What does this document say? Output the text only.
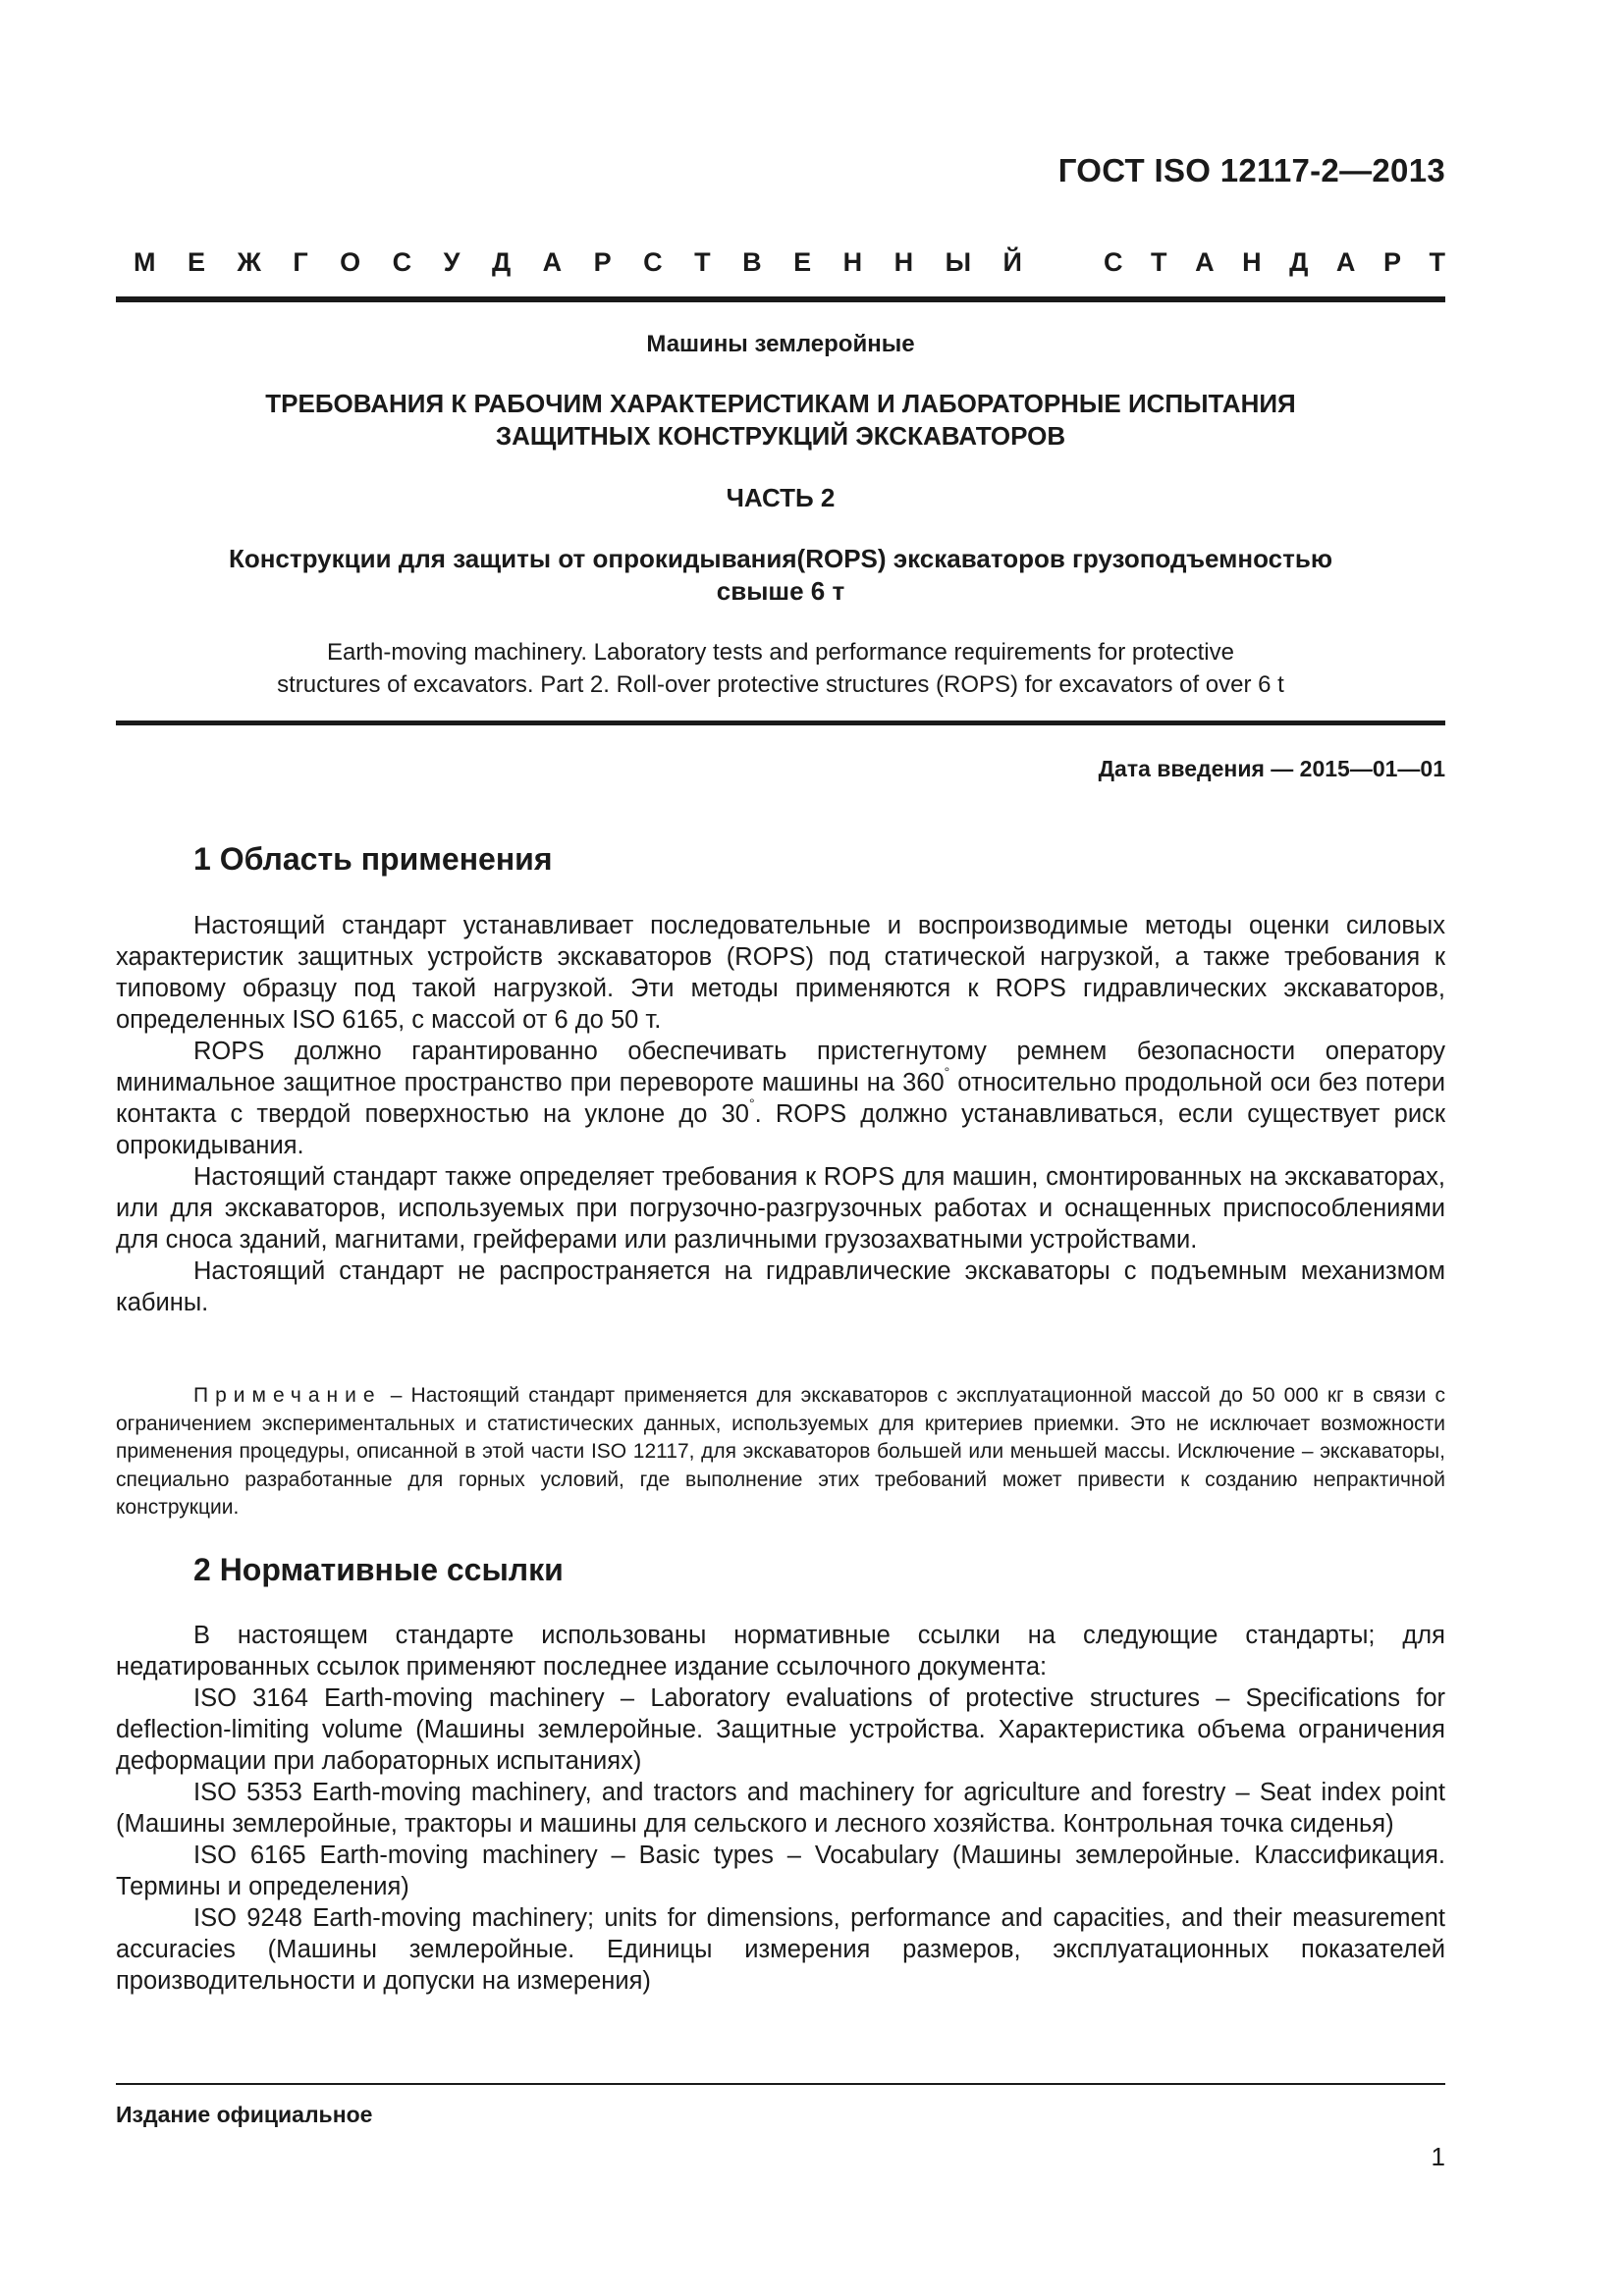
ГОСТ ISO 12117-2—2013

М Е Ж Г О С У Д А Р С Т В Е Н Н Ы Й	С Т А Н Д А Р Т

Машины землеройные

ТРЕБОВАНИЯ К РАБОЧИМ ХАРАКТЕРИСТИКАМ И ЛАБОРАТОРНЫЕ ИСПЫТАНИЯ
ЗАЩИТНЫХ КОНСТРУКЦИЙ ЭКСКАВАТОРОВ

ЧАСТЬ 2

Конструкции для защиты от опрокидывания(ROPS) экскаваторов грузоподъемностью
свыше 6 т
Earth-moving machinery. Laboratory tests and performance requirements for protective
structures of excavators. Part 2. Roll-over protective structures (ROPS) for excavators of over 6 t

Дата введения — 2015—01—01

1 Область применения

Настоящий стандарт устанавливает последовательные и воспроизводимые методы оценки силовых характеристик защитных устройств экскаваторов (ROPS) под статической нагрузкой, а также требования к типовому образцу под такой нагрузкой. Эти методы применяются к ROPS гидравлических экскаваторов, определенных ISO 6165, с массой от 6 до 50 т.

ROPS должно гарантированно обеспечивать пристегнутому ремнем безопасности оператору минимальное защитное пространство при перевороте машины на 360° относительно продольной оси без потери контакта с твердой поверхностью на уклоне до 30°. ROPS должно устанавливаться, если существует риск опрокидывания.

Настоящий стандарт также определяет требования к ROPS для машин, смонтированных на экскаваторах, или для экскаваторов, используемых при погрузочно-разгрузочных работах и оснащенных приспособлениями для сноса зданий, магнитами, грейферами или различными грузозахватными устройствами.

Настоящий стандарт не распространяется на гидравлические экскаваторы с подъемным механизмом кабины.

Примечание – Настоящий стандарт применяется для экскаваторов с эксплуатационной массой до 50 000 кг в связи с ограничением экспериментальных и статистических данных, используемых для критериев приемки. Это не исключает возможности применения процедуры, описанной в этой части ISO 12117, для экскаваторов большей или меньшей массы. Исключение – экскаваторы, специально разработанные для горных условий, где выполнение этих требований может привести к созданию непрактичной конструкции.

2 Нормативные ссылки

В настоящем стандарте использованы нормативные ссылки на следующие стандарты; для недатированных ссылок применяют последнее издание ссылочного документа:

ISO 3164 Earth-moving machinery – Laboratory evaluations of protective structures – Specifications for deflection-limiting volume (Машины землеройные. Защитные устройства. Характеристика объема ограничения деформации при лабораторных испытаниях)

ISO 5353 Earth-moving machinery, and tractors and machinery for agriculture and forestry – Seat index point (Машины землеройные, тракторы и машины для сельского и лесного хозяйства. Контрольная точка сиденья)

ISO 6165 Earth-moving machinery – Basic types – Vocabulary (Машины землеройные. Классификация. Термины и определения)

ISO 9248 Earth-moving machinery; units for dimensions, performance and capacities, and their measurement accuracies (Машины землеройные. Единицы измерения размеров, эксплуатационных показателей производительности и допуски на измерения)

Издание официальное

1
